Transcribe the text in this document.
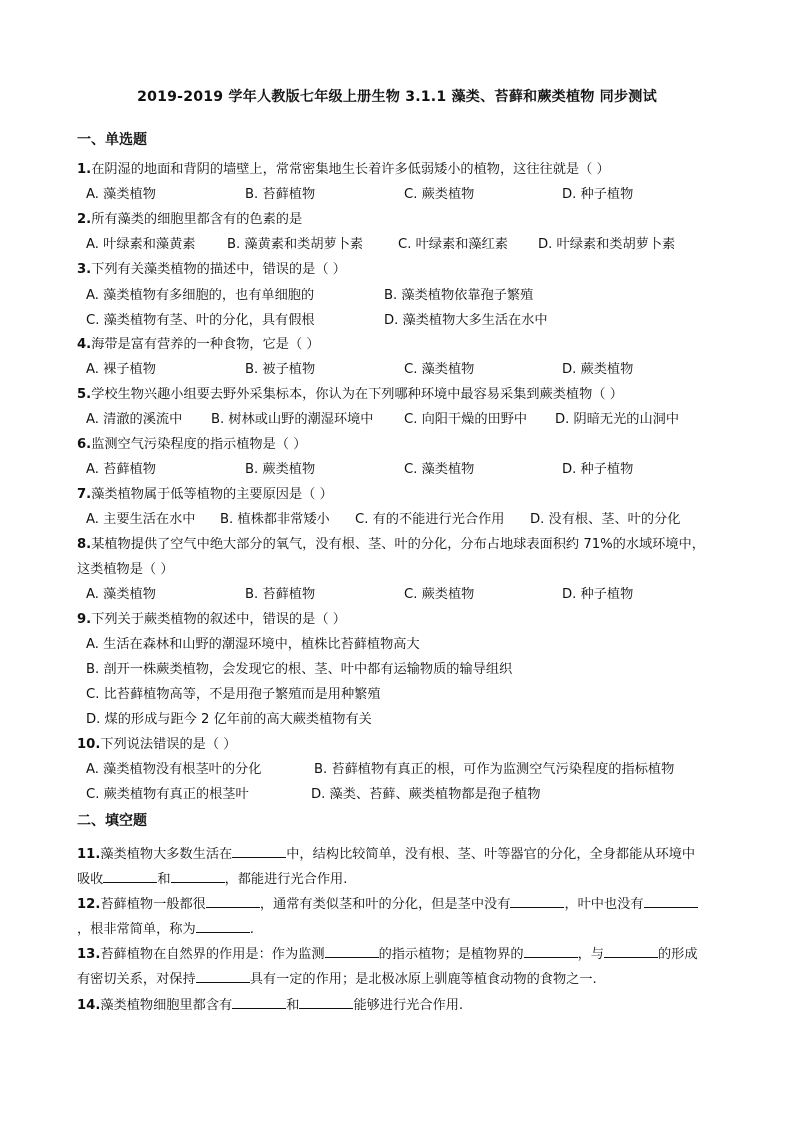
2019-2019 学年人教版七年级上册生物 3.1.1 藻类、苔藓和蕨类植物 同步测试
一、单选题
1.在阴湿的地面和背阴的墙壁上，常常密集地生长着许多低弱矮小的植物，这往往就是（ ）
A. 藻类植物	B. 苔藓植物	C. 蕨类植物	D. 种子植物
2.所有藻类的细胞里都含有的色素的是
A. 叶绿素和藻黄素 B. 藻黄素和类胡萝卜素	C. 叶绿素和藻红素 D. 叶绿素和类胡萝卜素
3.下列有关藻类植物的描述中，错误的是（ ）
A. 藻类植物有多细胞的，也有单细胞的	B. 藻类植物依靠孢子繁殖
C. 藻类植物有茎、叶的分化，具有假根	D. 藻类植物大多生活在水中
4.海带是富有营养的一种食物，它是（ ）
A. 裸子植物	B. 被子植物	C. 藻类植物	D. 蕨类植物
5.学校生物兴趣小组要去野外采集标本，你认为在下列哪种环境中最容易采集到蕨类植物（ ）
A. 清澈的溪流中 B. 树林或山野的潮湿环境中 C. 向阳干燥的田野中 D. 阴暗无光的山洞中
6.监测空气污染程度的指示植物是（ ）
A. 苔藓植物	B. 蕨类植物	C. 藻类植物	D. 种子植物
7.藻类植物属于低等植物的主要原因是（ ）
A. 主要生活在水中 B. 植株都非常矮小 C. 有的不能进行光合作用 D. 没有根、茎、叶的分化
8.某植物提供了空气中绝大部分的氧气，没有根、茎、叶的分化，分布占地球表面积约 71%的水域环境中，
这类植物是（ ）
A. 藻类植物	B. 苔藓植物	C. 蕨类植物	D. 种子植物
9.下列关于蕨类植物的叙述中，错误的是（ ）
A. 生活在森林和山野的潮湿环境中，植株比苔藓植物高大
B. 剖开一株蕨类植物，会发现它的根、茎、叶中都有运输物质的输导组织
C. 比苔藓植物高等，不是用孢子繁殖而是用种繁殖
D. 煤的形成与距今 2 亿年前的高大蕨类植物有关
10.下列说法错误的是（ ）
A. 藻类植物没有根茎叶的分化	B. 苔藓植物有真正的根，可作为监测空气污染程度的指标植物
C. 蕨类植物有真正的根茎叶	D. 藻类、苔藓、蕨类植物都是孢子植物
二、填空题
11.藻类植物大多数生活在	中，结构比较简单，没有根、茎、叶等器官的分化，全身都能从环境中
吸收	和	，都能进行光合作用.
12.苔藓植物一般都很	，通常有类似茎和叶的分化，但是茎中没有	，叶中也没有
，根非常简单，称为	.
13.苔藓植物在自然界的作用是：作为监测	的指示植物；是植物界的	，与	的形成
有密切关系，对保持	具有一定的作用；是北极冰原上驯鹿等植食动物的食物之一.
14.藻类植物细胞里都含有	和	能够进行光合作用.
